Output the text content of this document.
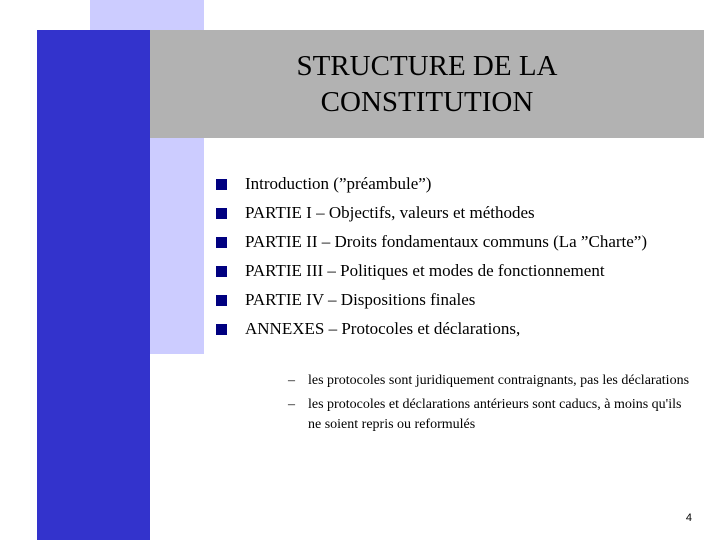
STRUCTURE DE LA
CONSTITUTION
Introduction (”préambule”)
PARTIE I – Objectifs, valeurs et méthodes
PARTIE II – Droits fondamentaux communs (La ”Charte”)
PARTIE III – Politiques et modes de fonctionnement
PARTIE IV – Dispositions finales
ANNEXES – Protocoles et déclarations,
– les protocoles sont juridiquement contraignants, pas les déclarations
– les protocoles et déclarations antérieurs sont caducs, à moins qu'ils ne soient repris ou reformulés
4
